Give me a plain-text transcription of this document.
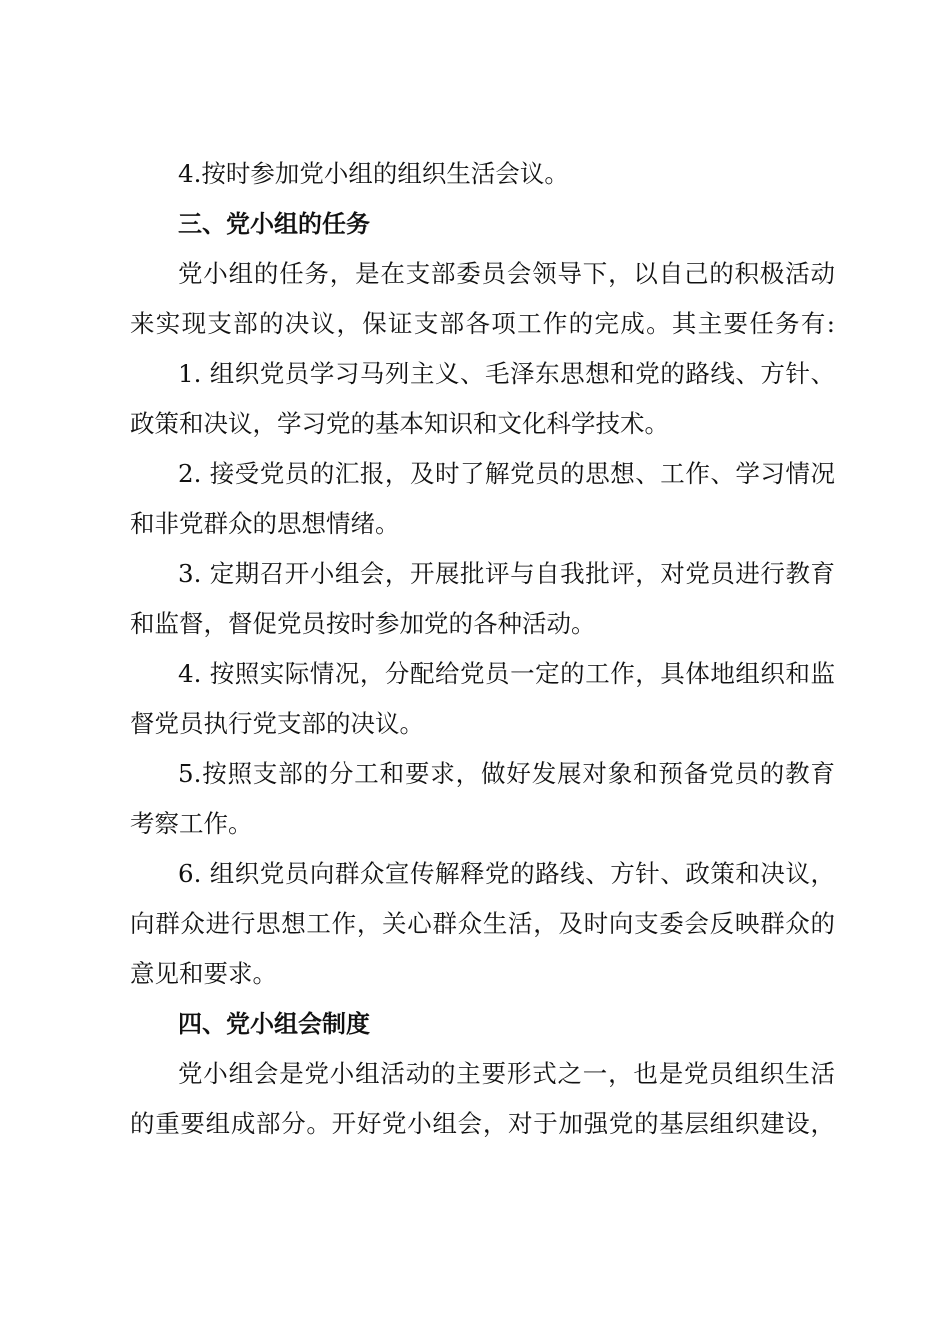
4.按时参加党小组的组织生活会议。
三、党小组的任务
党小组的任务，是在支部委员会领导下，以自己的积极活动
来实现支部的决议，保证支部各项工作的完成。其主要任务有:
1. 组织党员学习马列主义、毛泽东思想和党的路线、方针、
政策和决议，学习党的基本知识和文化科学技术。
2. 接受党员的汇报，及时了解党员的思想、工作、学习情况
和非党群众的思想情绪。
3. 定期召开小组会，开展批评与自我批评，对党员进行教育
和监督，督促党员按时参加党的各种活动。
4. 按照实际情况，分配给党员一定的工作，具体地组织和监
督党员执行党支部的决议。
5.按照支部的分工和要求，做好发展对象和预备党员的教育
考察工作。
6. 组织党员向群众宣传解释党的路线、方针、政策和决议，
向群众进行思想工作，关心群众生活，及时向支委会反映群众的
意见和要求。
四、党小组会制度
党小组会是党小组活动的主要形式之一，也是党员组织生活
的重要组成部分。开好党小组会，对于加强党的基层组织建设，
